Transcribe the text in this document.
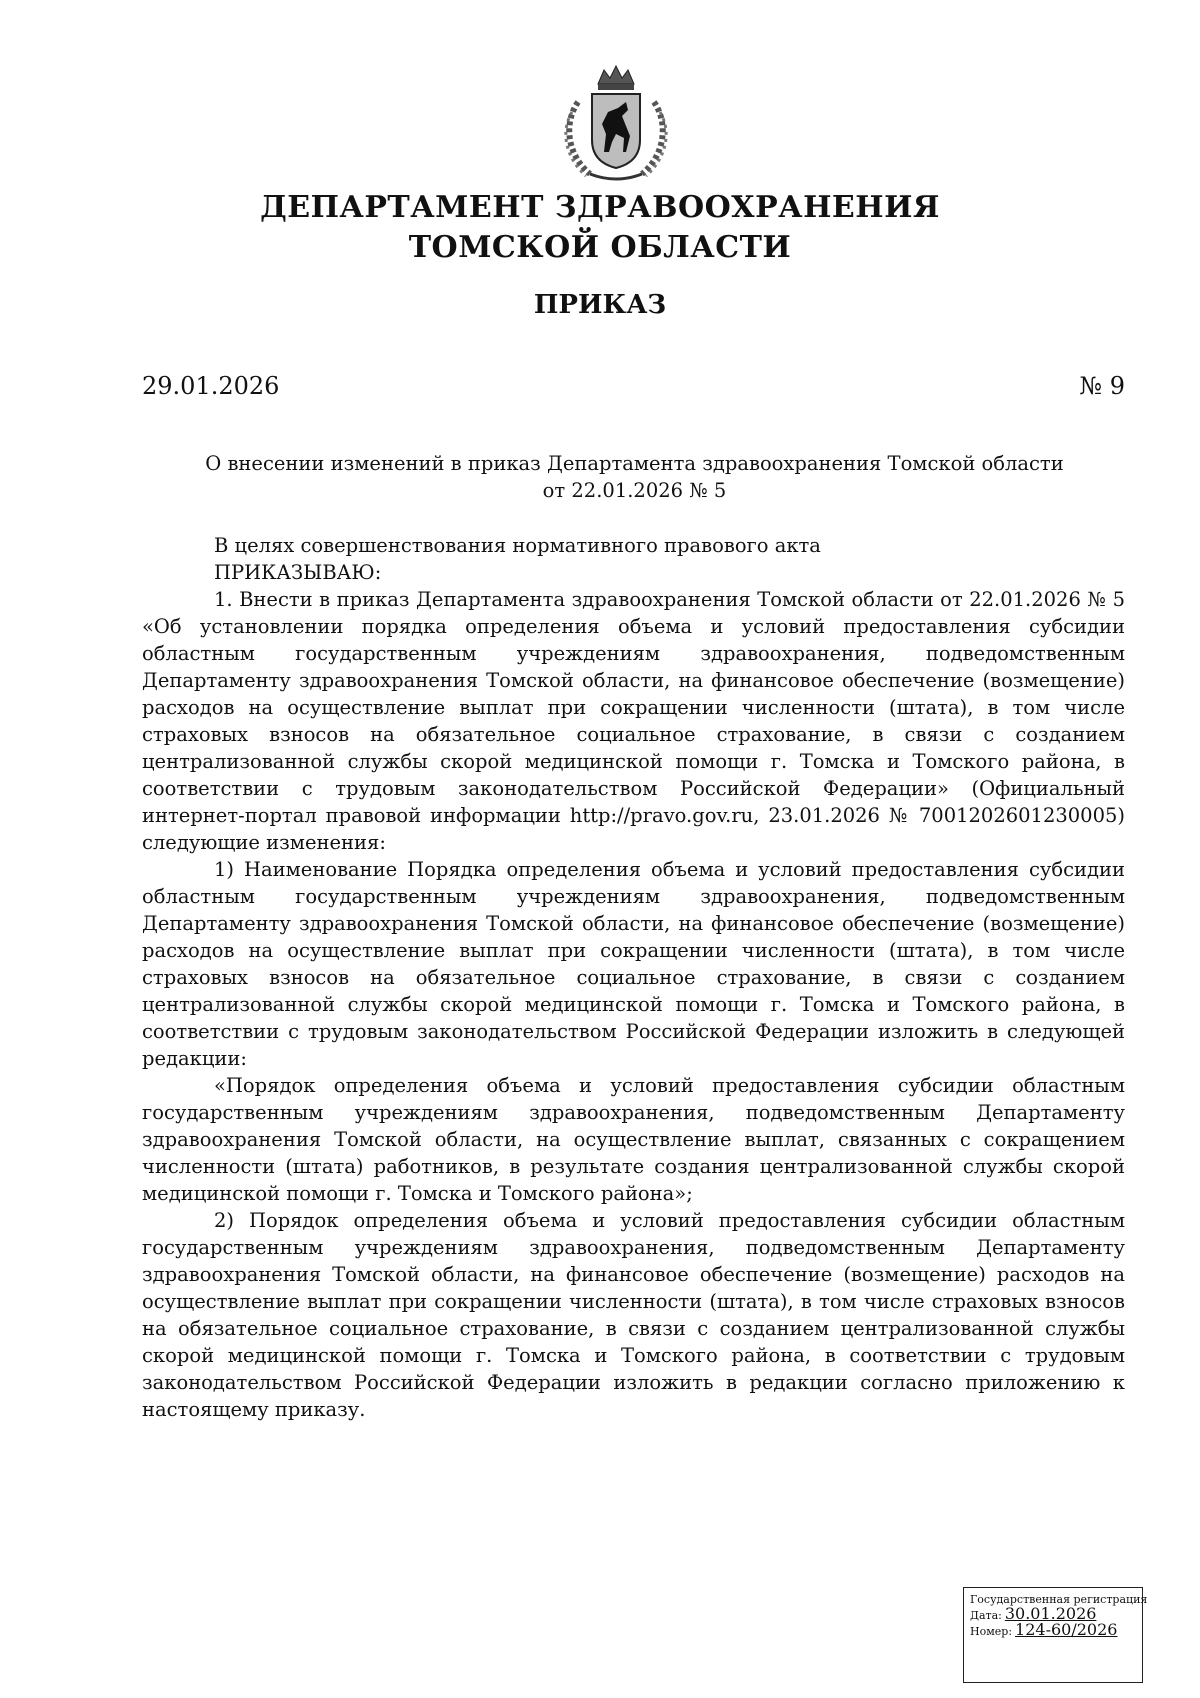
ДЕПАРТАМЕНТ ЗДРАВООХРАНЕНИЯ
ТОМСКОЙ ОБЛАСТИ
ПРИКАЗ
29.01.2026	№ 9
О внесении изменений в приказ Департамента здравоохранения Томской области
от 22.01.2026 № 5

В целях совершенствования нормативного правового акта

ПРИКАЗЫВАЮ:

1. Внести в приказ Департамента здравоохранения Томской области от 22.01.2026 № 5 «Об установлении порядка определения объема и условий предоставления субсидии областным государственным учреждениям здравоохранения, подведомственным Департаменту здравоохранения Томской области, на финансовое обеспечение (возмещение) расходов на осуществление выплат при сокращении численности (штата), в том числе страховых взносов на обязательное социальное страхование, в связи с созданием централизованной службы скорой медицинской помощи г. Томска и Томского района, в соответствии с трудовым законодательством Российской Федерации» (Официальный интернет-портал правовой информации http://pravo.gov.ru, 23.01.2026 № 7001202601230005) следующие изменения:

1) Наименование Порядка определения объема и условий предоставления субсидии областным государственным учреждениям здравоохранения, подведомственным Департаменту здравоохранения Томской области, на финансовое обеспечение (возмещение) расходов на осуществление выплат при сокращении численности (штата), в том числе страховых взносов на обязательное социальное страхование, в связи с созданием централизованной службы скорой медицинской помощи г. Томска и Томского района, в соответствии с трудовым законодательством Российской Федерации изложить в следующей редакции:

«Порядок определения объема и условий предоставления субсидии областным государственным учреждениям здравоохранения, подведомственным Департаменту здравоохранения Томской области, на осуществление выплат, связанных с сокращением численности (штата) работников, в результате создания централизованной службы скорой медицинской помощи г. Томска и Томского района»;

2) Порядок определения объема и условий предоставления субсидии областным государственным учреждениям здравоохранения, подведомственным Департаменту здравоохранения Томской области, на финансовое обеспечение (возмещение) расходов на осуществление выплат при сокращении численности (штата), в том числе страховых взносов на обязательное социальное страхование, в связи с созданием централизованной службы скорой медицинской помощи г. Томска и Томского района, в соответствии с трудовым законодательством Российской Федерации изложить в редакции согласно приложению к настоящему приказу.

Государственная регистрация
Дата: 30.01.2026
Номер: 124-60/2026
